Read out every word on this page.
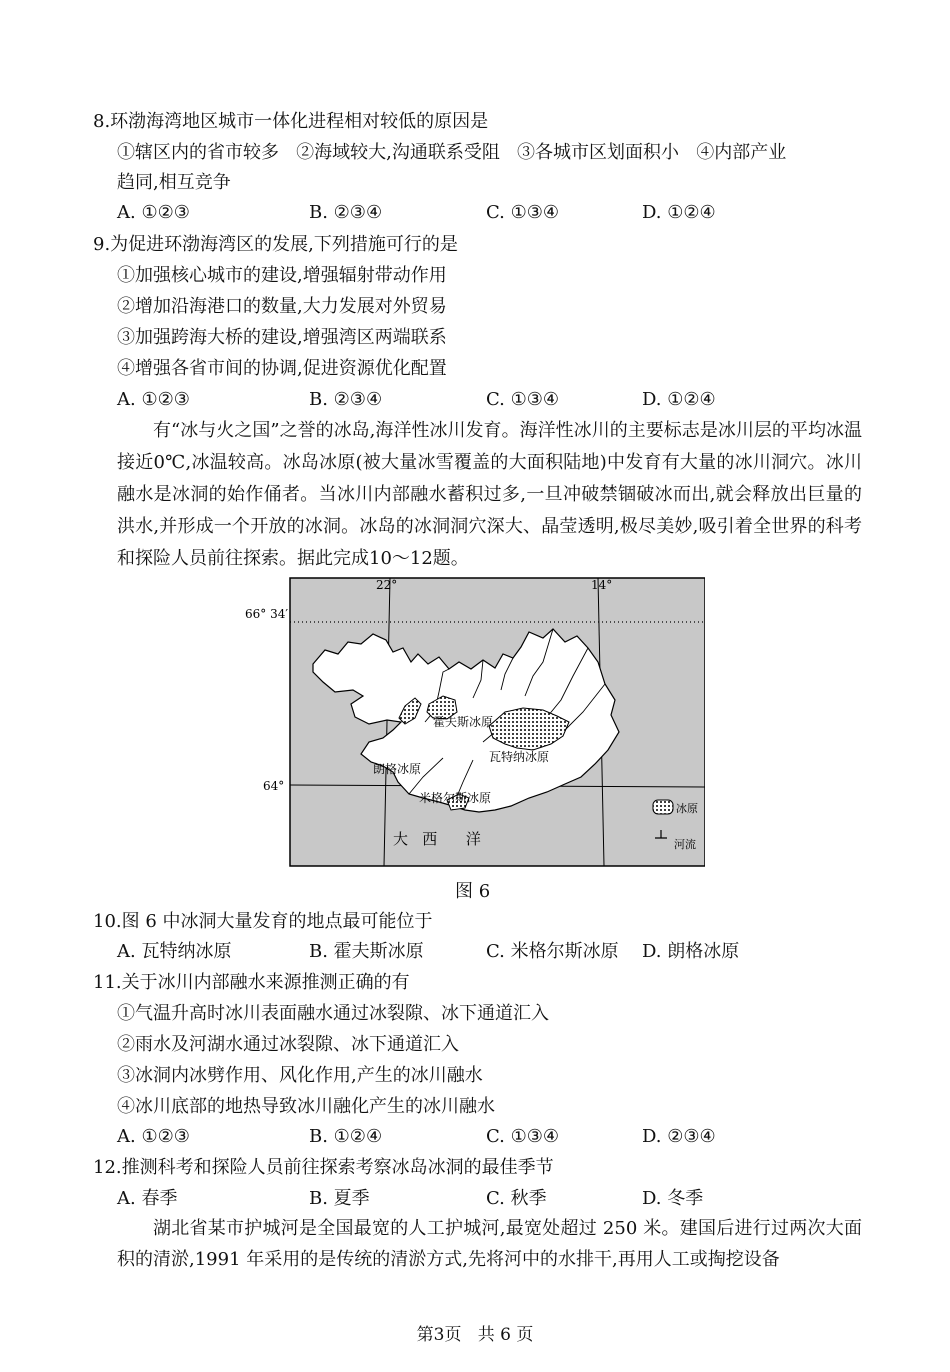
8.环渤海湾地区城市一体化进程相对较低的原因是
①辖区内的省市较多   ②海域较大,沟通联系受阻   ③各城市区划面积小   ④内部产业
趋同,相互竞争
A. ①②③	B. ②③④	C. ①③④	D. ①②④
9.为促进环渤海湾区的发展,下列措施可行的是
①加强核心城市的建设,增强辐射带动作用
②增加沿海港口的数量,大力发展对外贸易
③加强跨海大桥的建设,增强湾区两端联系
④增强各省市间的协调,促进资源优化配置
A. ①②③	B. ②③④	C. ①③④	D. ①②④
有“冰与火之国”之誉的冰岛,海洋性冰川发育。海洋性冰川的主要标志是冰川层的平均冰温接近0℃,冰温较高。冰岛冰原(被大量冰雪覆盖的大面积陆地)中发育有大量的冰川洞穴。冰川融水是冰洞的始作俑者。当冰川内部融水蓄积过多,一旦冲破禁锢破冰而出,就会释放出巨量的洪水,并形成一个开放的冰洞。冰岛的冰洞洞穴深大、晶莹透明,极尽美妙,吸引着全世界的科考和探险人员前往探索。据此完成10～12题。
22°	14°
66° 34′
64°
霍夫斯冰原
瓦特纳冰原
朗格冰原
米格尔斯冰原
大   西      洋
冰原
河流
图 6
10.图 6 中冰洞大量发育的地点最可能位于
A. 瓦特纳冰原	B. 霍夫斯冰原	C. 米格尔斯冰原 D. 朗格冰原
11.关于冰川内部融水来源推测正确的有
①气温升高时冰川表面融水通过冰裂隙、冰下通道汇入
②雨水及河湖水通过冰裂隙、冰下通道汇入
③冰洞内冰劈作用、风化作用,产生的冰川融水
④冰川底部的地热导致冰川融化产生的冰川融水
A. ①②③	B. ①②④	C. ①③④	D. ②③④
12.推测科考和探险人员前往探索考察冰岛冰洞的最佳季节
A. 春季	B. 夏季	C. 秋季	D. 冬季
湖北省某市护城河是全国最宽的人工护城河,最宽处超过 250 米。建国后进行过两次大面积的清淤,1991 年采用的是传统的清淤方式,先将河中的水排干,再用人工或掏挖设备
第3页   共 6 页
